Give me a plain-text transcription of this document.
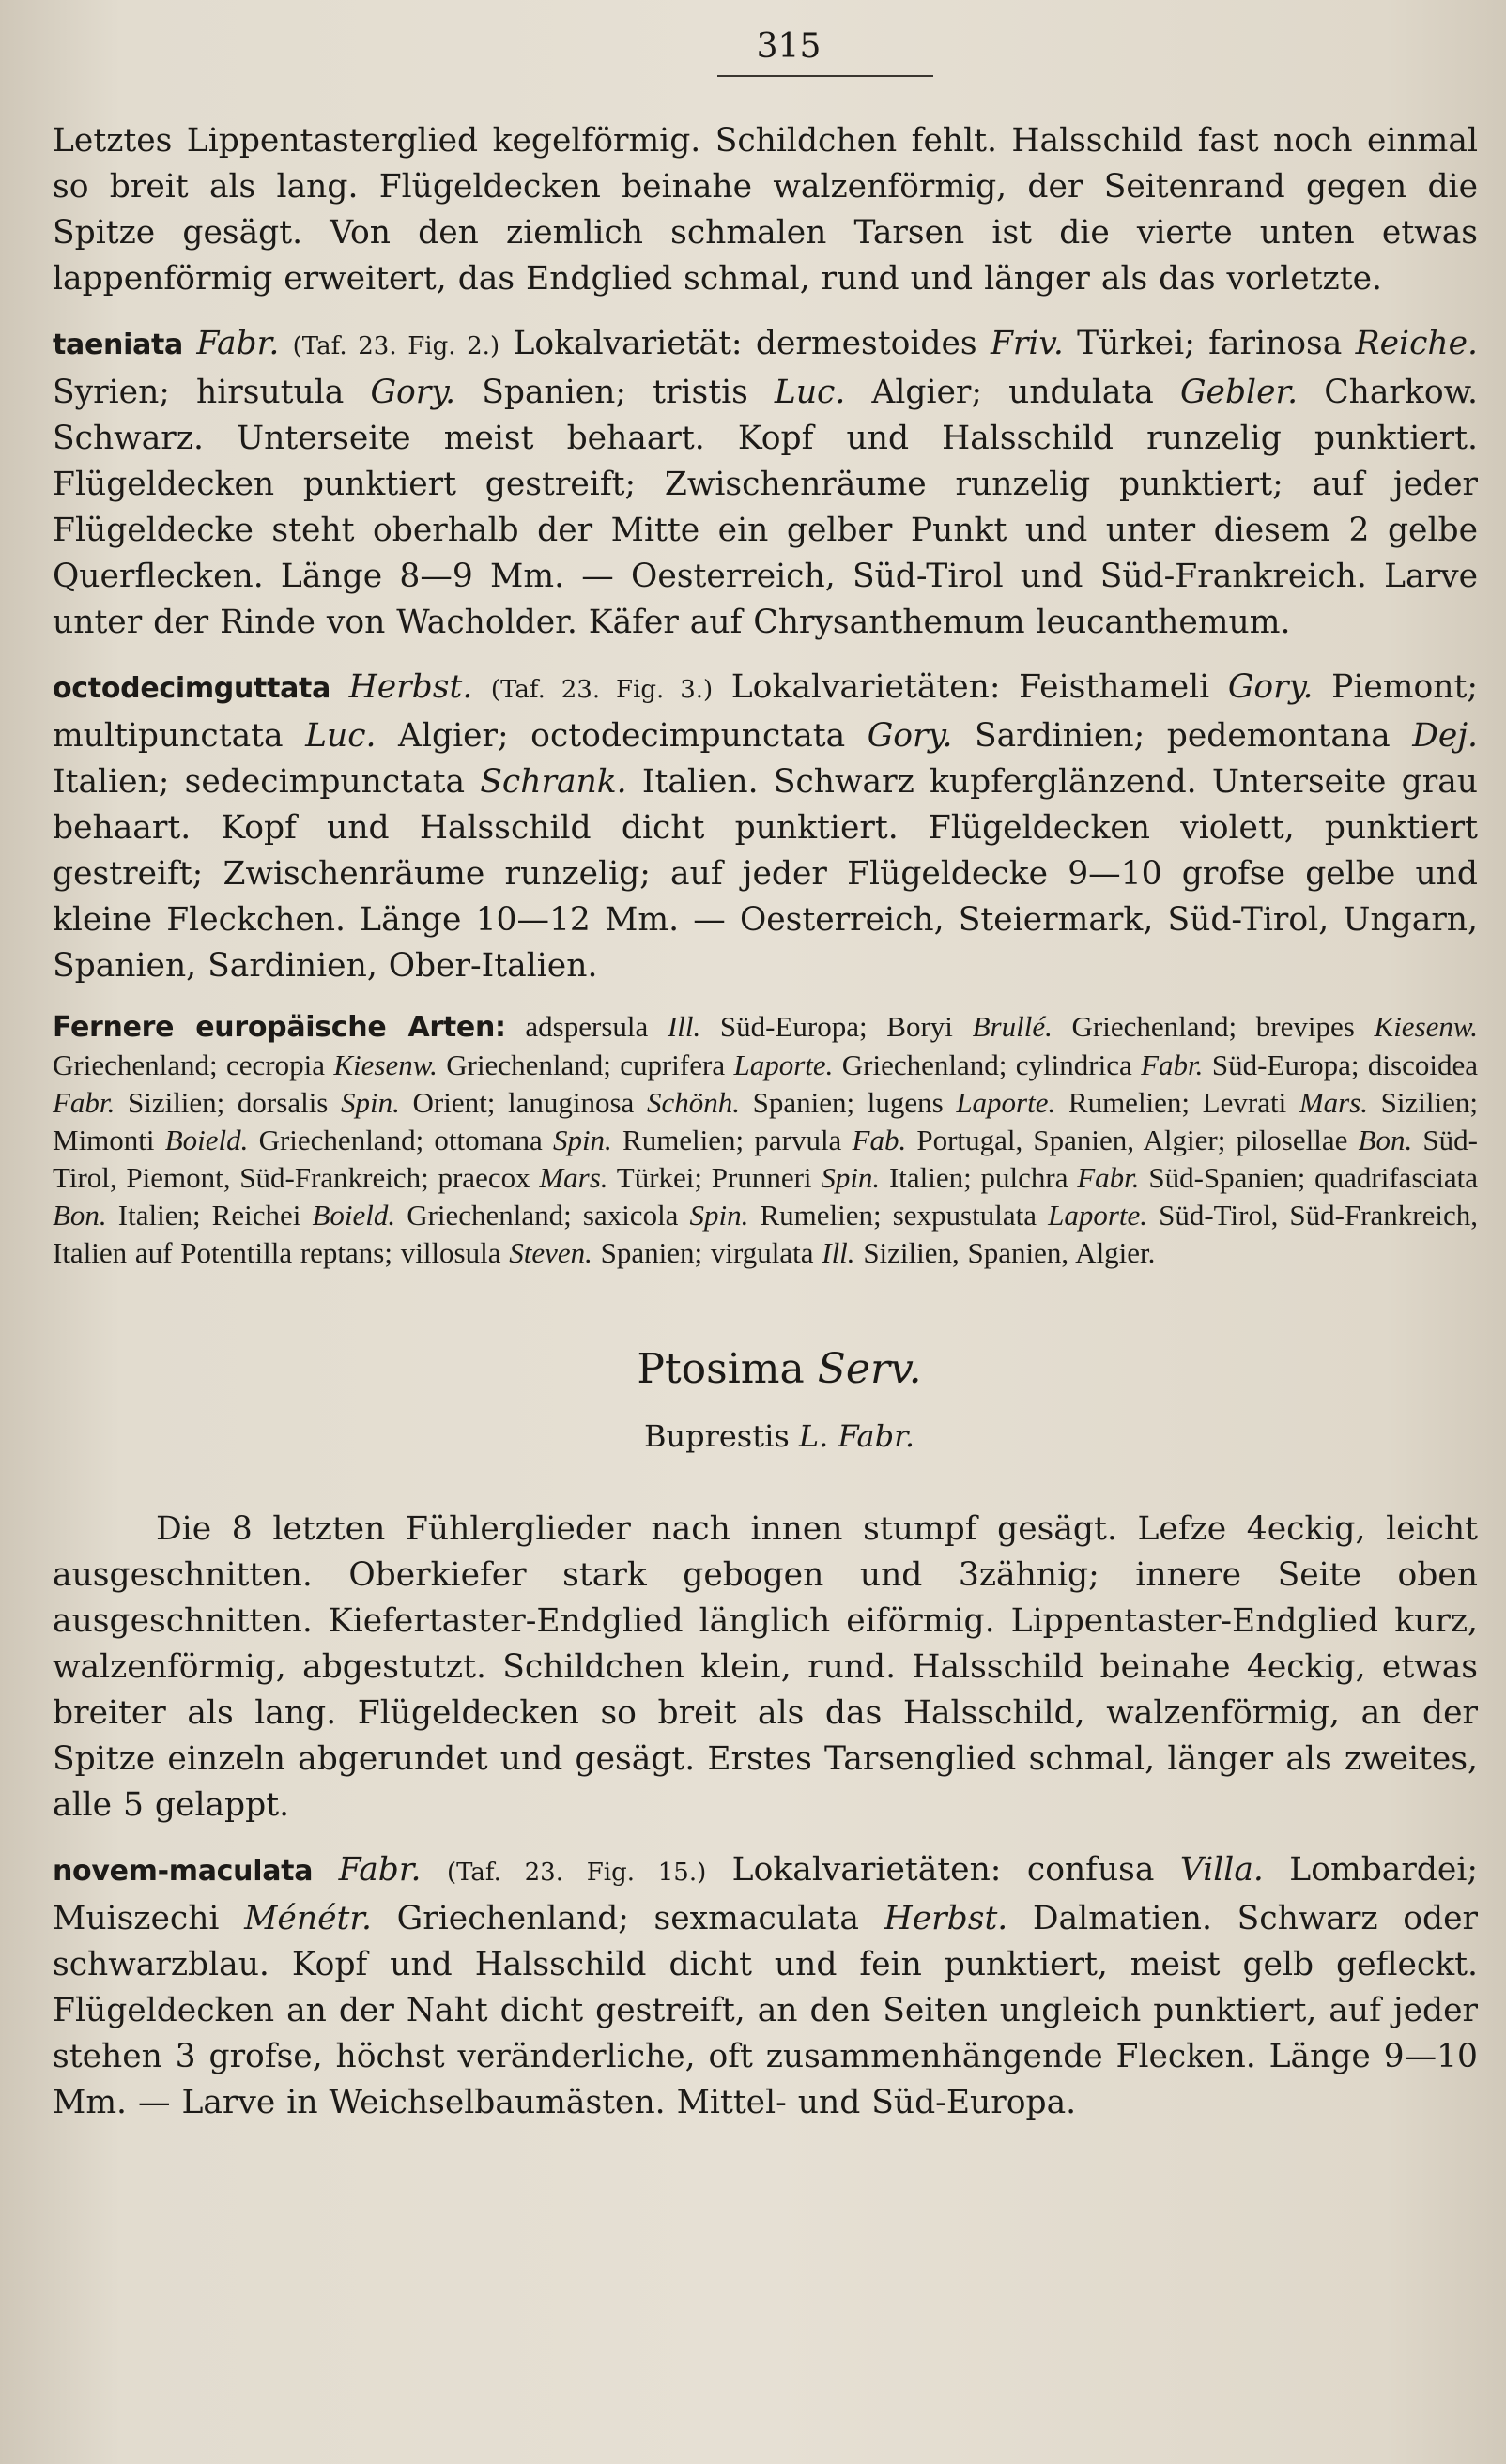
315

Letztes Lippentasterglied kegelförmig. Schildchen fehlt. Halsschild fast noch einmal so breit als lang. Flügeldecken beinahe walzenförmig, der Seitenrand gegen die Spitze gesägt. Von den ziemlich schmalen Tarsen ist die vierte unten etwas lappenförmig erweitert, das Endglied schmal, rund und länger als das vorletzte.

taeniata Fabr. (Taf. 23. Fig. 2.) Lokalvarietät: dermestoides Friv. Türkei; farinosa Reiche. Syrien; hirsutula Gory. Spanien; tristis Luc. Algier; undulata Gebler. Charkow. Schwarz. Unterseite meist behaart. Kopf und Halsschild runzelig punktiert. Flügeldecken punktiert gestreift; Zwischenräume runzelig punktiert; auf jeder Flügeldecke steht oberhalb der Mitte ein gelber Punkt und unter diesem 2 gelbe Querflecken. Länge 8—9 Mm. — Oesterreich, Süd-Tirol und Süd-Frankreich. Larve unter der Rinde von Wacholder. Käfer auf Chrysanthemum leucanthemum.

octodecimguttata Herbst. (Taf. 23. Fig. 3.) Lokalvarietäten: Feisthameli Gory. Piemont; multipunctata Luc. Algier; octodecimpunctata Gory. Sardinien; pedemontana Dej. Italien; sedecimpunctata Schrank. Italien. Schwarz kupferglänzend. Unterseite grau behaart. Kopf und Halsschild dicht punktiert. Flügeldecken violett, punktiert gestreift; Zwischenräume runzelig; auf jeder Flügeldecke 9—10 grofse gelbe und kleine Fleckchen. Länge 10—12 Mm. — Oesterreich, Steiermark, Süd-Tirol, Ungarn, Spanien, Sardinien, Ober-Italien.

Fernere europäische Arten: adspersula Ill. Süd-Europa; Boryi Brullé. Griechenland; brevipes Kiesenw. Griechenland; cecropia Kiesenw. Griechenland; cuprifera Laporte. Griechenland; cylindrica Fabr. Süd-Europa; discoidea Fabr. Sizilien; dorsalis Spin. Orient; lanuginosa Schönh. Spanien; lugens Laporte. Rumelien; Levrati Mars. Sizilien; Mimonti Boield. Griechenland; ottomana Spin. Rumelien; parvula Fab. Portugal, Spanien, Algier; pilosellae Bon. Süd-Tirol, Piemont, Süd-Frankreich; praecox Mars. Türkei; Prunneri Spin. Italien; pulchra Fabr. Süd-Spanien; quadrifasciata Bon. Italien; Reichei Boield. Griechenland; saxicola Spin. Rumelien; sexpustulata Laporte. Süd-Tirol, Süd-Frankreich, Italien auf Potentilla reptans; villosula Steven. Spanien; virgulata Ill. Sizilien, Spanien, Algier.

Ptosima Serv.
Buprestis L. Fabr.

Die 8 letzten Fühlerglieder nach innen stumpf gesägt. Lefze 4eckig, leicht ausgeschnitten. Oberkiefer stark gebogen und 3zähnig; innere Seite oben ausgeschnitten. Kiefertaster-Endglied länglich eiförmig. Lippentaster-Endglied kurz, walzenförmig, abgestutzt. Schildchen klein, rund. Halsschild beinahe 4eckig, etwas breiter als lang. Flügeldecken so breit als das Halsschild, walzenförmig, an der Spitze einzeln abgerundet und gesägt. Erstes Tarsenglied schmal, länger als zweites, alle 5 gelappt.

novem-maculata Fabr. (Taf. 23. Fig. 15.) Lokalvarietäten: confusa Villa. Lombardei; Muiszechi Ménétr. Griechenland; sexmaculata Herbst. Dalmatien. Schwarz oder schwarzblau. Kopf und Halsschild dicht und fein punktiert, meist gelb gefleckt. Flügeldecken an der Naht dicht gestreift, an den Seiten ungleich punktiert, auf jeder stehen 3 grofse, höchst veränderliche, oft zusammenhängende Flecken. Länge 9—10 Mm. — Larve in Weichselbaumästen. Mittel- und Süd-Europa.
